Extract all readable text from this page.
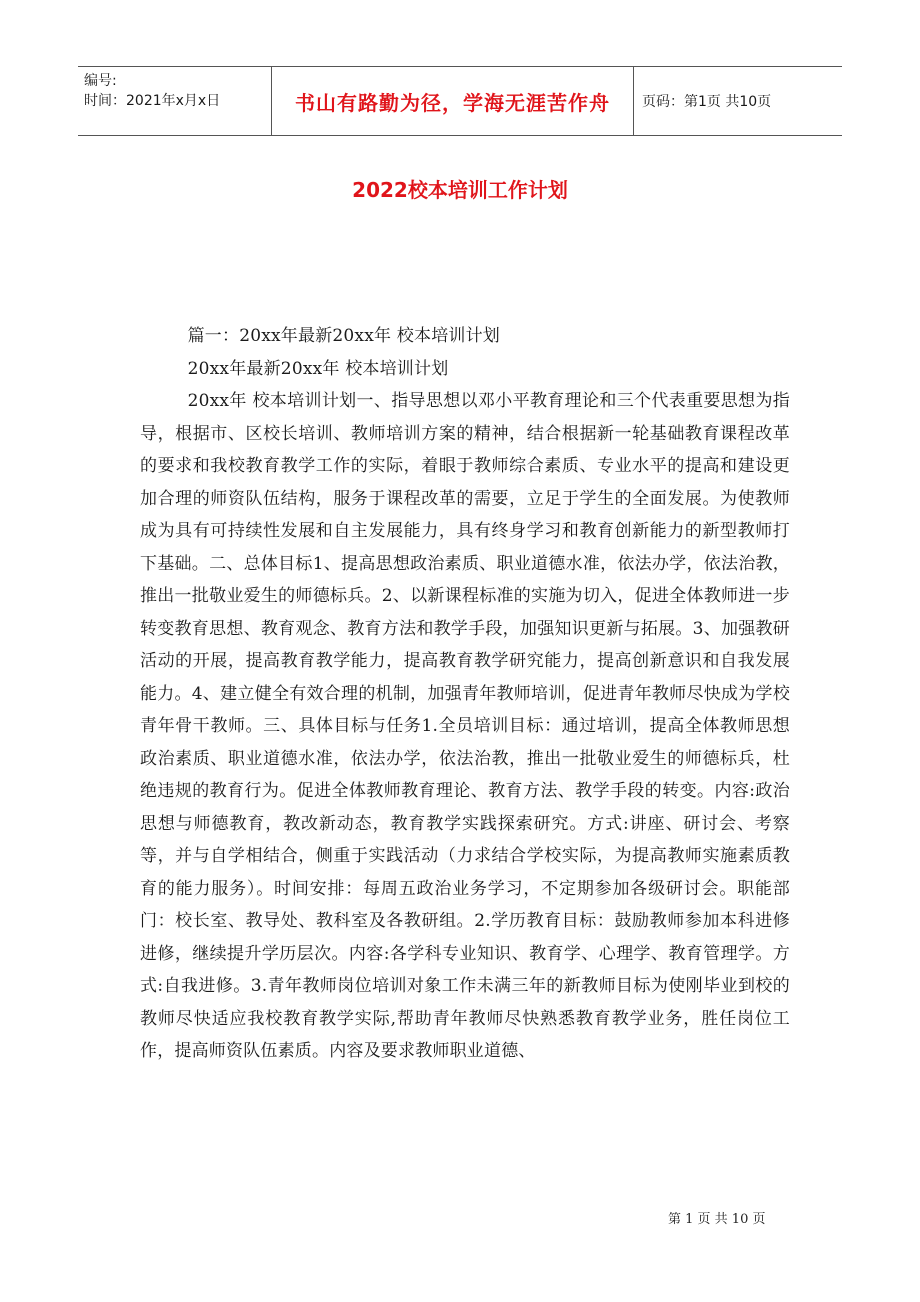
编号:
时间：2021年x月x日	书山有路勤为径，学海无涯苦作舟 页码：第1页 共10页
2022校本培训工作计划

篇一：20xx年最新20xx年 校本培训计划

20xx年最新20xx年 校本培训计划

20xx年 校本培训计划一、指导思想以邓小平教育理论和三个代表重要思想为指导，根据市、区校长培训、教师培训方案的精神，结合根据新一轮基础教育课程改革的要求和我校教育教学工作的实际，着眼于教师综合素质、专业水平的提高和建设更加合理的师资队伍结构，服务于课程改革的需要，立足于学生的全面发展。为使教师成为具有可持续性发展和自主发展能力，具有终身学习和教育创新能力的新型教师打下基础。二、总体目标1、提高思想政治素质、职业道德水准，依法办学，依法治教，推出一批敬业爱生的师德标兵。2、以新课程标准的实施为切入，促进全体教师进一步转变教育思想、教育观念、教育方法和教学手段，加强知识更新与拓展。3、加强教研活动的开展，提高教育教学能力，提高教育教学研究能力，提高创新意识和自我发展能力。4、建立健全有效合理的机制，加强青年教师培训，促进青年教师尽快成为学校青年骨干教师。三、具体目标与任务1.全员培训目标：通过培训，提高全体教师思想政治素质、职业道德水准，依法办学，依法治教，推出一批敬业爱生的师德标兵，杜绝违规的教育行为。促进全体教师教育理论、教育方法、教学手段的转变。内容:政治思想与师德教育，教改新动态，教育教学实践探索研究。方式:讲座、研讨会、考察等，并与自学相结合，侧重于实践活动（力求结合学校实际，为提高教师实施素质教育的能力服务）。时间安排：每周五政治业务学习，不定期参加各级研讨会。职能部门：校长室、教导处、教科室及各教研组。2.学历教育目标：鼓励教师参加本科进修进修，继续提升学历层次。内容:各学科专业知识、教育学、心理学、教育管理学。方式:自我进修。3.青年教师岗位培训对象工作未满三年的新教师目标为使刚毕业到校的教师尽快适应我校教育教学实际,帮助青年教师尽快熟悉教育教学业务，胜任岗位工作，提高师资队伍素质。内容及要求教师职业道德、

第 1 页 共 10 页
